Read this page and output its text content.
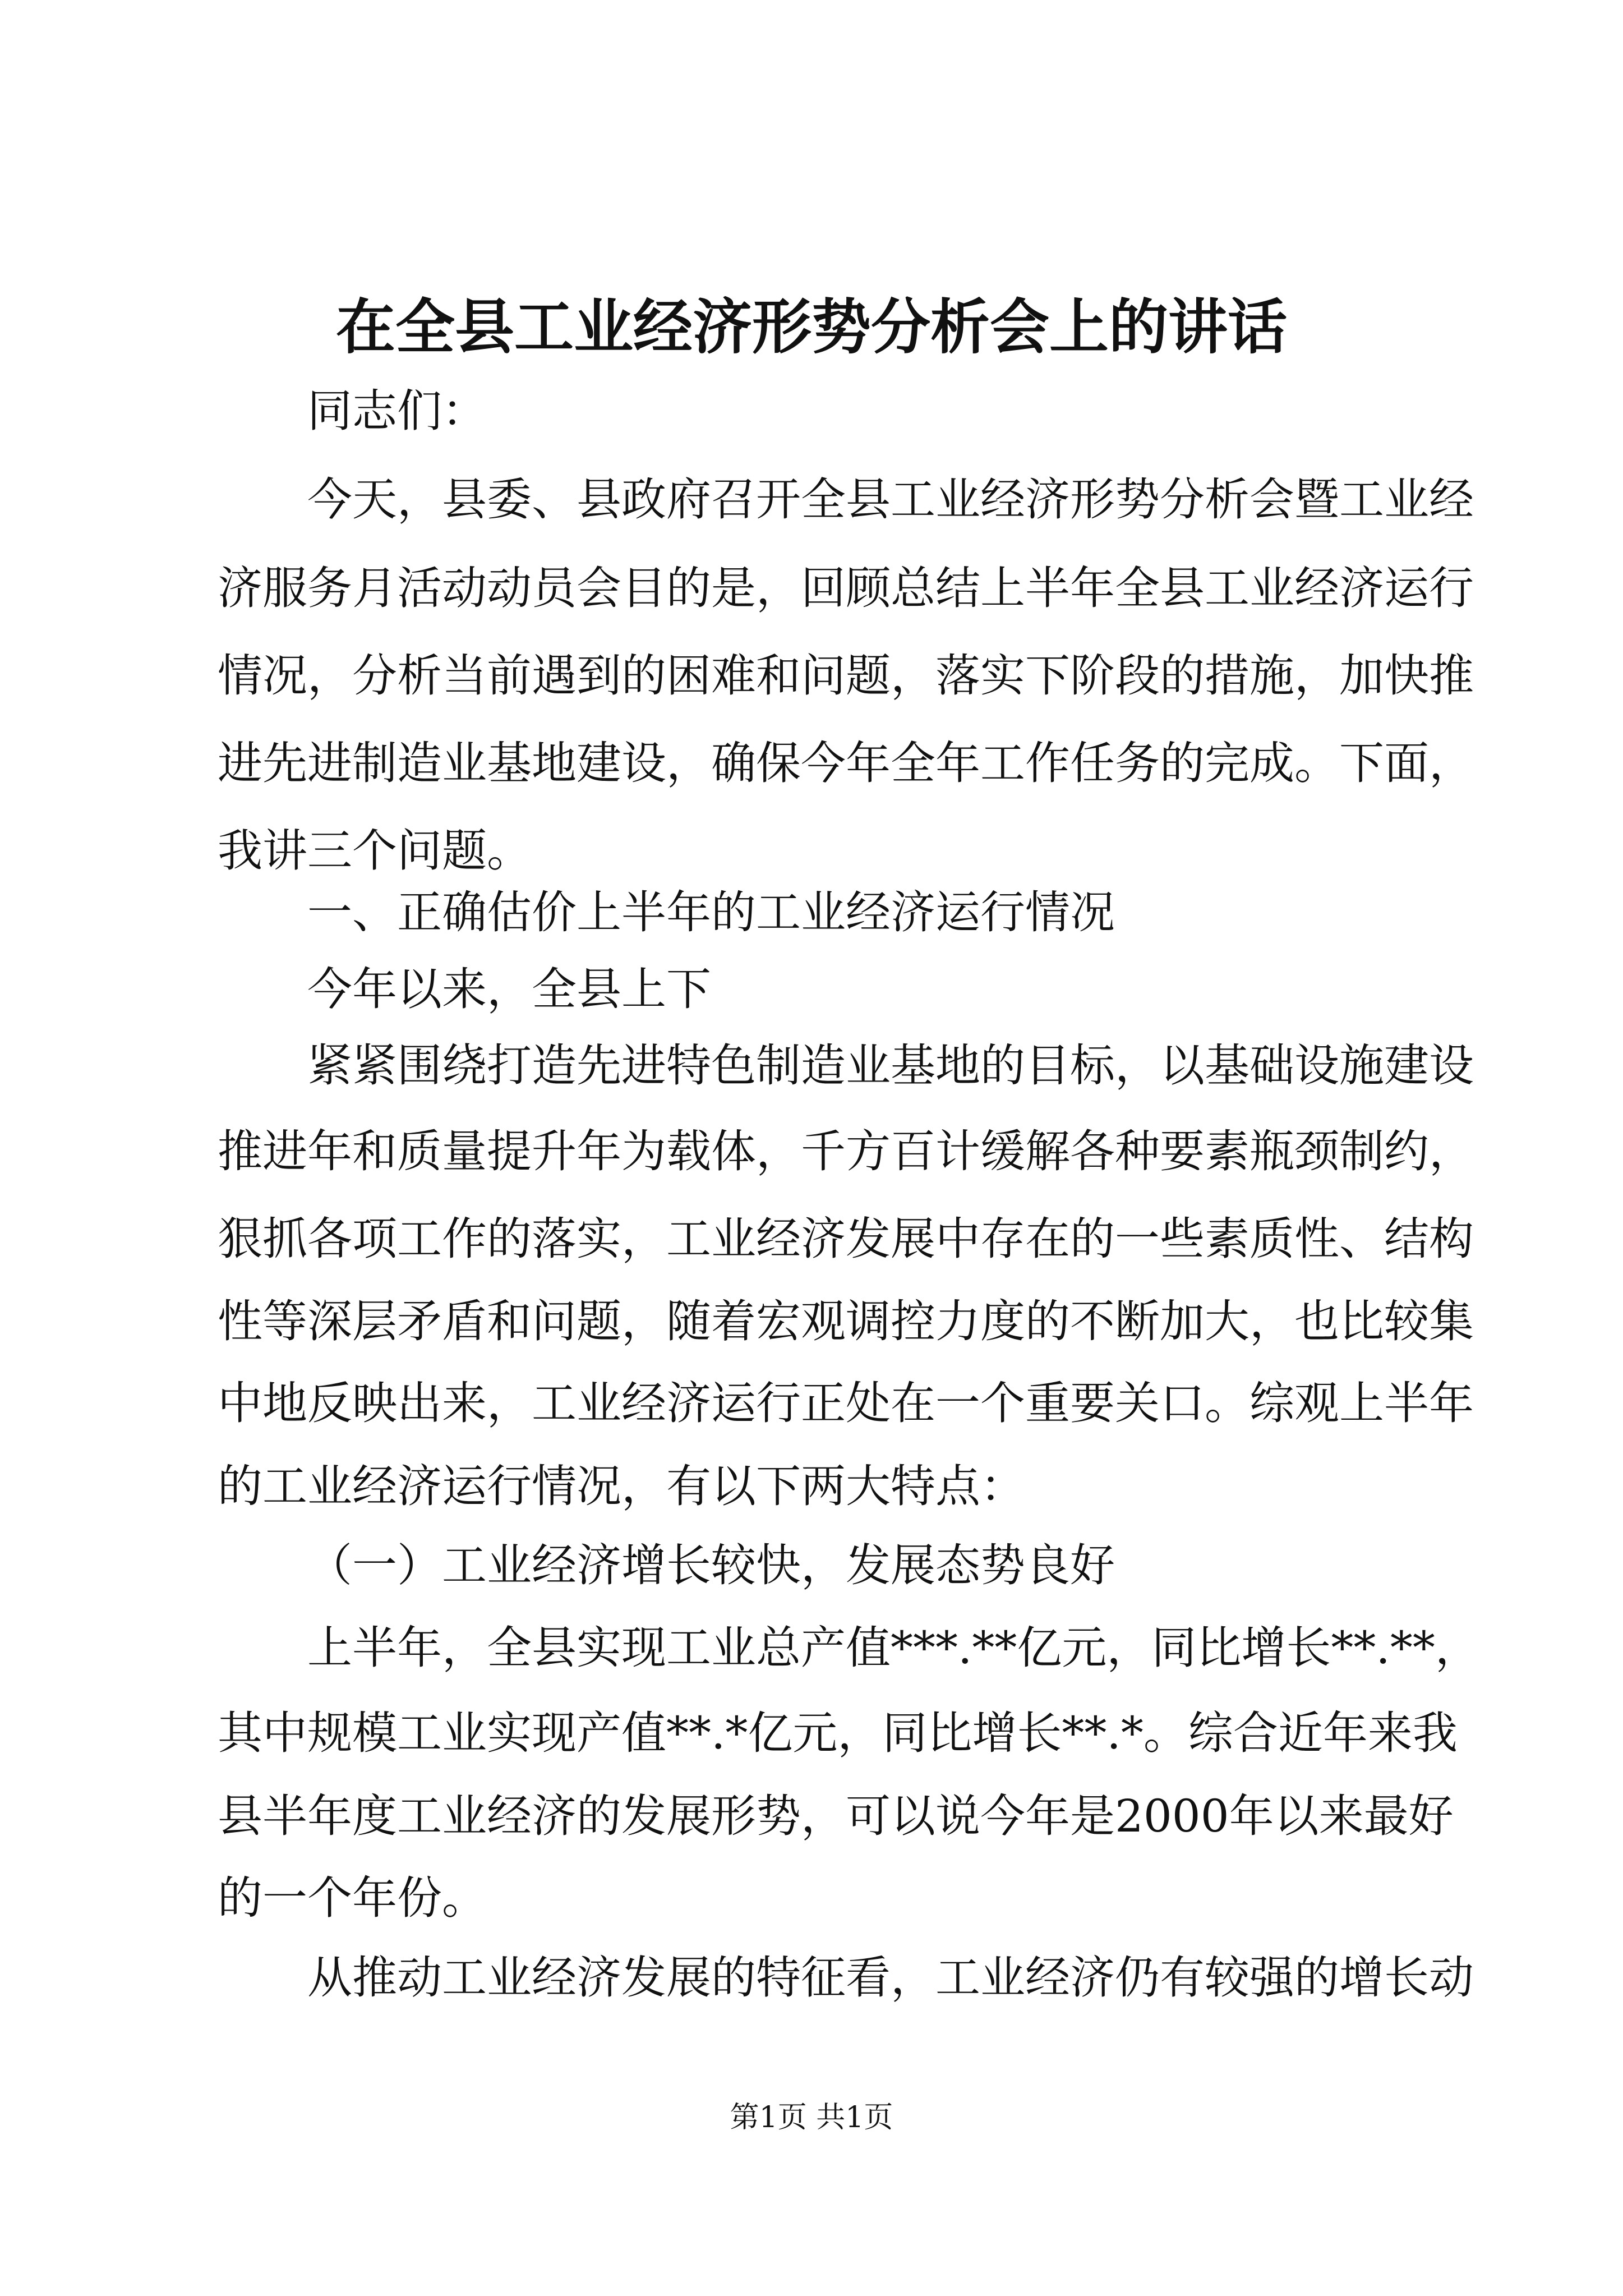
在全县工业经济形势分析会上的讲话

同志们：

今天，县委、县政府召开全县工业经济形势分析会暨工业经

济服务月活动动员会目的是，回顾总结上半年全县工业经济运行

情况，分析当前遇到的困难和问题，落实下阶段的措施，加快推

进先进制造业基地建设，确保今年全年工作任务的完成。下面，

我讲三个问题。

一、正确估价上半年的工业经济运行情况

今年以来，全县上下

紧紧围绕打造先进特色制造业基地的目标，以基础设施建设

推进年和质量提升年为载体，千方百计缓解各种要素瓶颈制约，

狠抓各项工作的落实，工业经济发展中存在的一些素质性、结构

性等深层矛盾和问题，随着宏观调控力度的不断加大，也比较集

中地反映出来，工业经济运行正处在一个重要关口。综观上半年

的工业经济运行情况，有以下两大特点：

（一）工业经济增长较快，发展态势良好

上半年，全县实现工业总产值***.**亿元，同比增长**.**，

其中规模工业实现产值**.*亿元，同比增长**.*。综合近年来我

县半年度工业经济的发展形势，可以说今年是2000年以来最好

的一个年份。

从推动工业经济发展的特征看，工业经济仍有较强的增长动

第1页 共1页
